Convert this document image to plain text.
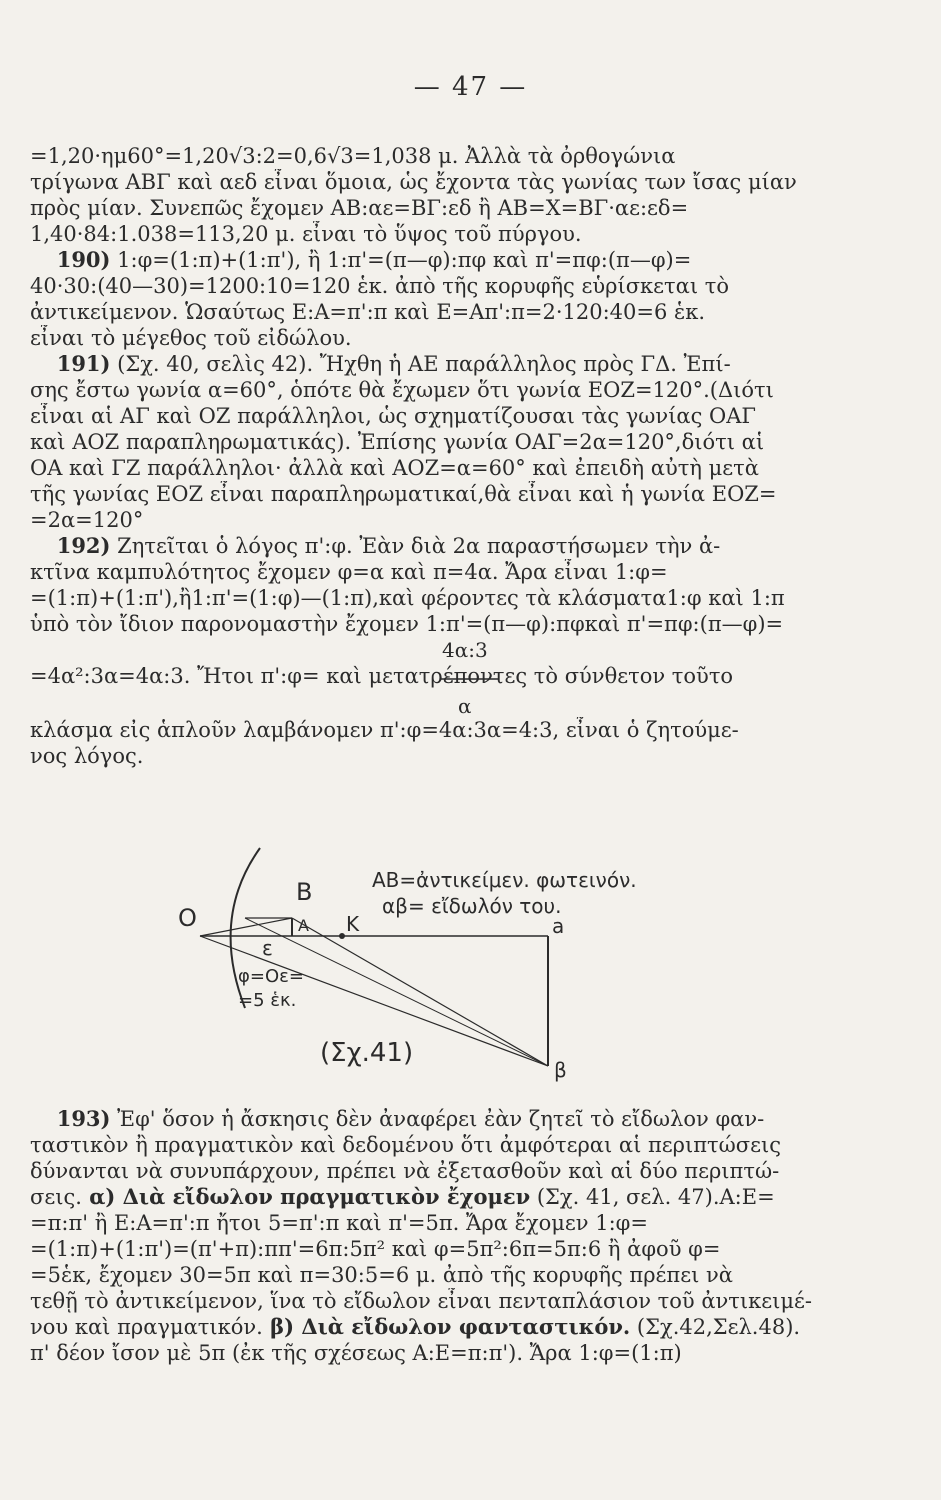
— 47 —
=1,20·ημ60°=1,20√3:2=0,6√3=1,038 μ. Ἀλλὰ τὰ ὀρθογώνια
τρίγωνα ΑΒΓ καὶ αεδ εἶναι ὅμοια, ὡς ἔχοντα τὰς γωνίας των ἴσας μίαν
πρὸς μίαν. Συνεπῶς ἔχομεν ΑΒ:αε=ΒΓ:εδ ἢ ΑΒ=Χ=ΒΓ·αε:εδ=
1,40·84:1.038=113,20 μ. εἶναι τὸ ὕψος τοῦ πύργου.
190) 1:φ=(1:π)+(1:π'), ἢ 1:π'=(π—φ):πφ καὶ π'=πφ:(π—φ)=
40·30:(40—30)=1200:10=120 ἑκ. ἀπὸ τῆς κορυφῆς εὑρίσκεται τὸ
ἀντικείμενον. Ὡσαύτως Ε:Α=π':π καὶ Ε=Απ':π=2·120:40=6 ἑκ.
εἶναι τὸ μέγεθος τοῦ εἰδώλου.
191) (Σχ. 40, σελὶς 42). Ἤχθη ἡ ΑΕ παράλληλος πρὸς ΓΔ. Ἐπί-
σης ἔστω γωνία α=60°, ὁπότε θὰ ἔχωμεν ὅτι γωνία ΕΟΖ=120°.(Διότι
εἶναι αἱ ΑΓ καὶ ΟΖ παράλληλοι, ὡς σχηματίζουσαι τὰς γωνίας ΟΑΓ
καὶ ΑΟΖ παραπληρωματικάς). Ἐπίσης γωνία ΟΑΓ=2α=120°,διότι αἱ
ΟΑ καὶ ΓΖ παράλληλοι· ἀλλὰ καὶ ΑΟΖ=α=60° καὶ ἐπειδὴ αὐτὴ μετὰ
τῆς γωνίας ΕΟΖ εἶναι παραπληρωματικαί,θὰ εἶναι καὶ ἡ γωνία ΕΟΖ=
=2α=120°
192) Ζητεῖται ὁ λόγος π':φ. Ἐὰν διὰ 2α παραστήσωμεν τὴν ἀ-
κτῖνα καμπυλότητος ἔχομεν φ=α καὶ π=4α. Ἄρα εἶναι 1:φ=
=(1:π)+(1:π'),ἢ1:π'=(1:φ)—(1:π),καὶ φέροντες τὰ κλάσματα1:φ καὶ 1:π
ὑπὸ τὸν ἴδιον παρονομαστὴν ἔχομεν 1:π'=(π—φ):πφκαὶ π'=πφ:(π—φ)=
4α:3
=4α²:3α=4α:3. Ἤτοι π':φ= καὶ μετατρέποντες τὸ σύνθετον τοῦτο
α
κλάσμα εἰς ἁπλοῦν λαμβάνομεν π':φ=4α:3α=4:3, εἶναι ὁ ζητούμε-
νος λόγος.
O
B
A K
ε
a
β
AB=ἀντικείμεν. φωτεινόν.
αβ= εἴδωλόν του.
φ=Oε=
=5 ἑκ.
(Σχ.41)
193) Ἐφ' ὅσον ἡ ἄσκησις δὲν ἀναφέρει ἐὰν ζητεῖ τὸ εἴδωλον φαν-
ταστικὸν ἢ πραγματικὸν καὶ δεδομένου ὅτι ἀμφότεραι αἱ περιπτώσεις
δύνανται νὰ συνυπάρχουν, πρέπει νὰ ἐξετασθοῦν καὶ αἱ δύο περιπτώ-
σεις. α) Διὰ εἴδωλον πραγματικὸν ἔχομεν (Σχ. 41, σελ. 47).Α:Ε=
=π:π' ἢ Ε:Α=π':π ἤτοι 5=π':π καὶ π'=5π. Ἄρα ἔχομεν 1:φ=
=(1:π)+(1:π')=(π'+π):ππ'=6π:5π² καὶ φ=5π²:6π=5π:6 ἢ ἀφοῦ φ=
=5ἑκ, ἔχομεν 30=5π καὶ π=30:5=6 μ. ἀπὸ τῆς κορυφῆς πρέπει νὰ
τεθῇ τὸ ἀντικείμενον, ἵνα τὸ εἴδωλον εἶναι πενταπλάσιον τοῦ ἀντικειμέ-
νου καὶ πραγματικόν. β) Διὰ εἴδωλον φανταστικόν. (Σχ.42,Σελ.48).
π' δέον ἴσον μὲ 5π (ἐκ τῆς σχέσεως Α:Ε=π:π'). Ἄρα 1:φ=(1:π)
